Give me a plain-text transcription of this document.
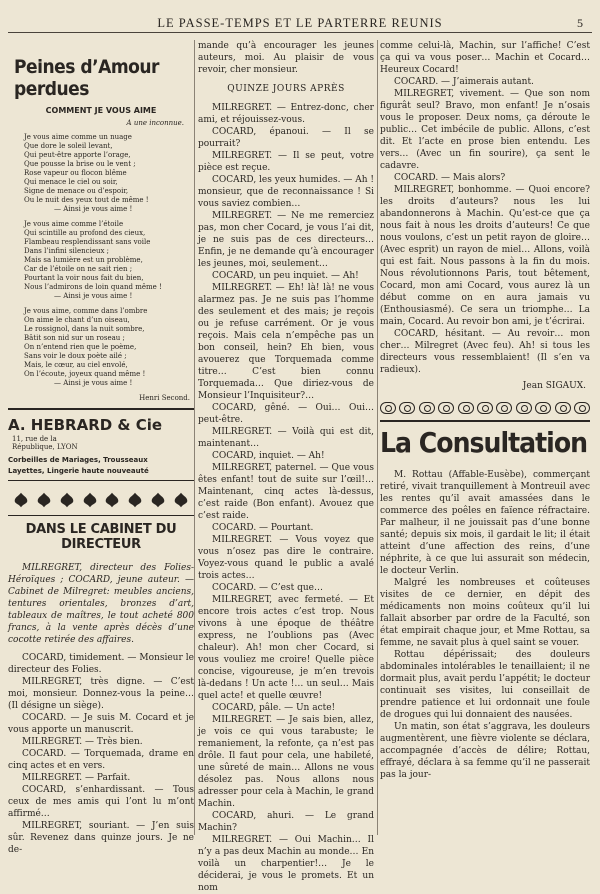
LE PASSE-TEMPS ET LE PARTERRE REUNIS	5
Peines d’Amour perdues
COMMENT JE VOUS AIME

A une inconnue.

Je vous aime comme un nuage

Que dore le soleil levant,

Qui peut-être apporte l’orage,

Que pousse la brise ou le vent ;

Rose vapeur ou flocon blême

Qui menace le ciel ou soir,

Signe de menace ou d’espoir,

Ou le nuit des yeux tout de même !

— Ainsi je vous aime !

Je vous aime comme l’étoile

Qui scintille au profond des cieux,

Flambeau resplendissant sans voile

Dans l’infini silencieux ;

Mais sa lumière est un problème,

Car de l’étoile on ne sait rien ;

Pourtant la voir nous fait du bien,

Nous l’admirons de loin quand même !

— Ainsi je vous aime !

Je vous aime, comme dans l’ombre

On aime le chant d’un oiseau,

Le rossignol, dans la nuit sombre,

Bâtit son nid sur un roseau ;

On n’entend rien que le poème,

Sans voir le doux poète ailé ;

Mais, le cœur, au ciel envolé,

On l’écoute, joyeux quand même !

— Ainsi je vous aime !

Henri Second.
A. HEBRARD & Cie 11, rue de la
République, LYON
Corbeilles de Mariages, Trousseaux
Layettes, Lingerie haute nouveauté
DANS LE CABINET DU DIRECTEUR

MILREGRET, directeur des Folies-Héroïques ; COCARD, jeune auteur. — Cabinet de Milregret: meubles anciens, tentures orientales, bronzes d’art, tableaux de maîtres, le tout acheté 800 francs, à la vente après décès d’une cocotte retirée des affaires.

COCARD, timidement. — Monsieur le directeur des Folies.

MILREGRET, très digne. — C’est moi, monsieur. Donnez-vous la peine… (Il désigne un siège).

COCARD. — Je suis M. Cocard et je vous apporte un manuscrit.

MILREGRET. — Très bien.

COCARD. — Torquemada, drame en cinq actes et en vers.

MILREGRET. — Parfait.

COCARD, s’enhardissant. — Tous ceux de mes amis qui l’ont lu m’ont affirmé…

MILREGRET, souriant. — J’en suis sûr. Revenez dans quinze jours. Je ne de-

mande qu’à encourager les jeunes auteurs, moi. Au plaisir de vous revoir, cher monsieur.

QUINZE JOURS APRÈS

MILREGRET. — Entrez-donc, cher ami, et réjouissez-vous.

COCARD, épanoui. — Il se pourrait?

MILREGRET. — Il se peut, votre pièce est reçue.

COCARD, les yeux humides. — Ah ! monsieur, que de reconnaissance ! Si vous saviez combien…

MILREGRET. — Ne me remerciez pas, mon cher Cocard, je vous l’ai dit, je ne suis pas de ces directeurs… Enfin, je ne demande qu’à encourager les jeunes, moi, seulement…

COCARD, un peu inquiet. — Ah!

MILREGRET. — Eh! là! là! ne vous alarmez pas. Je ne suis pas l’homme des seulement et des mais; je reçois ou je refuse carrément. Or je vous reçois. Mais cela n’empêche pas un bon conseil, hein? Eh bien, vous avouerez que Torquemada comme titre… C’est bien connu Torquemada… Que diriez-vous de Monsieur l’Inquisiteur?…

COCARD, gêné. — Oui… Oui… peut-être.

MILREGRET. — Voilà qui est dit, maintenant…

COCARD, inquiet. — Ah!

MILREGRET, paternel. — Que vous êtes enfant! tout de suite sur l’œil!… Maintenant, cinq actes là-dessus, c’est raide (Bon enfant). Avouez que c’est raide.

COCARD. — Pourtant.

MILREGRET. — Vous voyez que vous n’osez pas dire le contraire. Voyez-vous quand le public a avalé trois actes…

COCARD. — C’est que…

MILREGRET, avec fermeté. — Et encore trois actes c’est trop. Nous vivons à une époque de théâtre express, ne l’oublions pas (Avec chaleur). Ah! mon cher Cocard, si vous vouliez me croire! Quelle pièce concise, vigoureuse, je m’en trevois là-dedans ! Un acte !… un seul… Mais quel acte! et quelle œuvre!

COCARD, pâle. — Un acte!

MILREGRET. — Je sais bien, allez, je vois ce qui vous tarabuste; le remaniement, la refonte, ça n’est pas drôle. Il faut pour cela, une habileté, une sûreté de main… Allons ne vous désolez pas. Nous allons nous adresser pour cela à Machin, le grand Machin.

COCARD, ahuri. — Le grand Machin?

MILREGRET. — Oui Machin… Il n’y a pas deux Machin au monde… En voilà un charpentier!… Je le déciderai, je vous le promets. Et un nom

comme celui-là, Machin, sur l’affiche! C’est ça qui va vous poser… Machin et Cocard… Heureux Cocard!

COCARD. — J’aimerais autant.

MILREGRET, vivement. — Que son nom figurât seul? Bravo, mon enfant! Je n’osais vous le proposer. Deux noms, ça déroute le public… Cet imbécile de public. Allons, c’est dit. Et l’acte en prose bien entendu. Les vers… (Avec un fin sourire), ça sent le cadavre.

COCARD. — Mais alors?

MILREGRET, bonhomme. — Quoi encore? les droits d’auteurs? nous les lui abandonnerons à Machin. Qu’est-ce que ça nous fait à nous les droits d’auteurs! Ce que nous voulons, c’est un petit rayon de gloire… (Avec esprit) un rayon de miel… Allons, voilà qui est fait. Nous passons à la fin du mois. Nous révolutionnons Paris, tout bêtement, Cocard, mon ami Cocard, vous aurez là un début comme on en aura jamais vu (Enthousiasmé). Ce sera un triomphe… La main, Cocard. Au revoir bon ami, je t’écrirai.

COCARD, hésitant. — Au revoir… mon cher… Milregret (Avec feu). Ah! si tous les directeurs vous ressemblaient! (Il s’en va radieux).

Jean SIGAUX.

La Consultation

M. Rottau (Affable-Eusèbe), commerçant retiré, vivait tranquillement à Montreuil avec les rentes qu’il avait amassées dans le commerce des poêles en faïence réfractaire. Par malheur, il ne jouissait pas d’une bonne santé; depuis six mois, il gardait le lit; il était atteint d’une affection des reins, d’une néphrite, à ce que lui assurait son médecin, le docteur Verlin.

Malgré les nombreuses et coûteuses visites de ce dernier, en dépit des médicaments non moins coûteux qu’il lui fallait absorber par ordre de la Faculté, son état empirait chaque jour, et Mme Rottau, sa femme, ne savait plus à quel saint se vouer.

Rottau dépérissait; des douleurs abdominales intolérables le tenaillaient; il ne dormait plus, avait perdu l’appétit; le docteur continuait ses visites, lui conseillait de prendre patience et lui ordonnait une foule de drogues qui lui donnaient des nausées.

Un matin, son état s’aggrava, les douleurs augmentèrent, une fièvre violente se déclara, accompagnée d’accès de délire; Rottau, effrayé, déclara à sa femme qu’il ne passerait pas la jour-
